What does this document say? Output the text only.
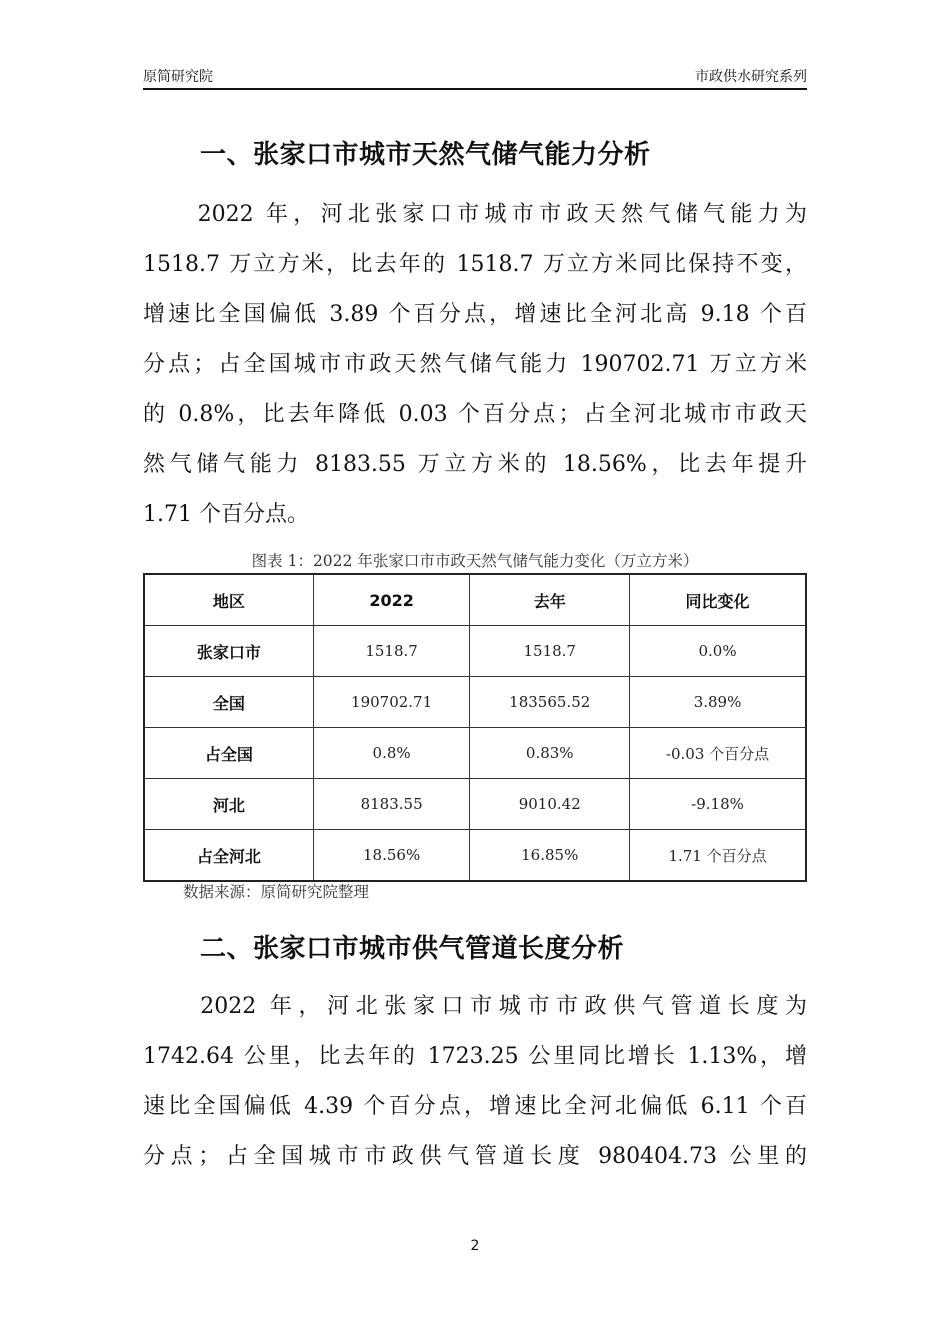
原简研究院	市政供水研究系列
一、张家口市城市天然气储气能力分析
　　2022 年，河北张家口市城市市政天然气储气能力为
1518.7 万立方米，比去年的 1518.7 万立方米同比保持不变，
增速比全国偏低 3.89 个百分点，增速比全河北高 9.18 个百
分点；占全国城市市政天然气储气能力 190702.71 万立方米
的 0.8%，比去年降低 0.03 个百分点；占全河北城市市政天
然气储气能力 8183.55 万立方米的 18.56%，比去年提升
1.71 个百分点。
图表 1：2022 年张家口市市政天然气储气能力变化（万立方米）
地区	2022	去年	同比变化
张家口市	1518.7	1518.7	0.0%
全国	190702.71	183565.52	3.89%
占全国	0.8%	0.83%	-0.03 个百分点
河北	8183.55	9010.42	-9.18%
占全河北	18.56%	16.85%	1.71 个百分点
数据来源：原简研究院整理
二、张家口市城市供气管道长度分析
　　2022 年，河北张家口市城市市政供气管道长度为
1742.64 公里，比去年的 1723.25 公里同比增长 1.13%，增
速比全国偏低 4.39 个百分点，增速比全河北偏低 6.11 个百
分点；占全国城市市政供气管道长度 980404.73 公里的
2
